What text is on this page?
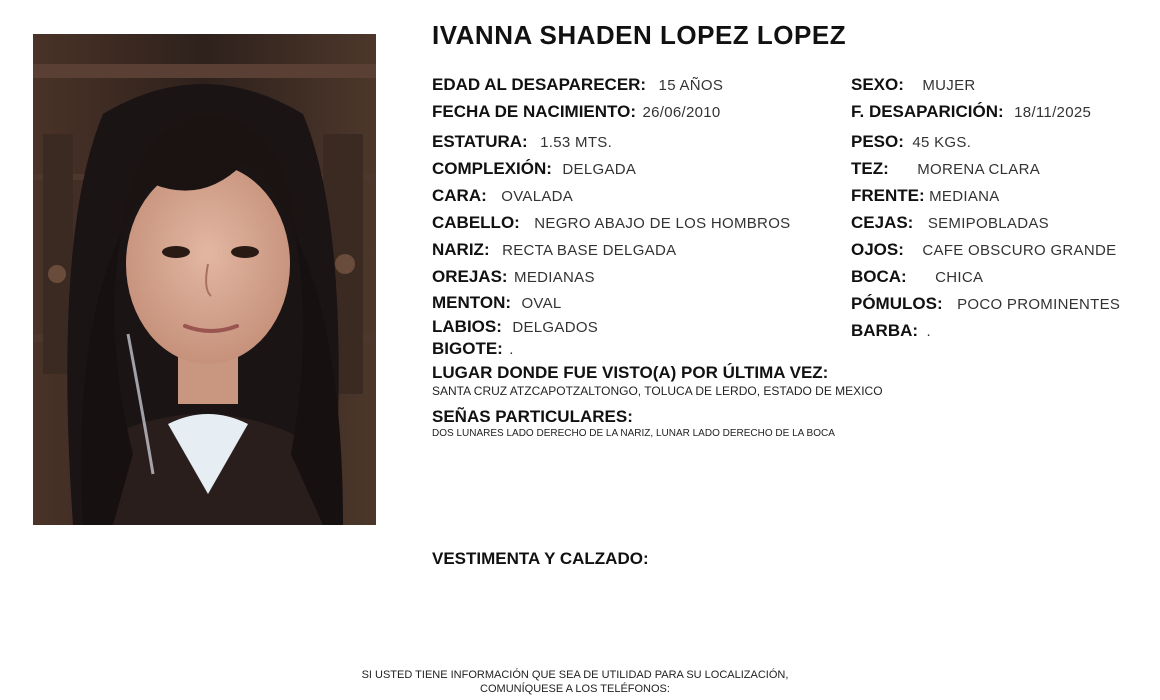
IVANNA SHADEN LOPEZ LOPEZ
EDAD AL DESAPARECER: 15 AÑOS
FECHA DE NACIMIENTO: 26/06/2010
ESTATURA: 1.53 MTS.
COMPLEXIÓN: DELGADA
CARA: OVALADA
CABELLO: NEGRO ABAJO DE LOS HOMBROS
NARIZ: RECTA BASE DELGADA
OREJAS: MEDIANAS
MENTON: OVAL
LABIOS: DELGADOS
BIGOTE: .
SEXO: MUJER
F. DESAPARICIÓN: 18/11/2025
PESO: 45 KGS.
TEZ: MORENA CLARA
FRENTE: MEDIANA
CEJAS: SEMIPOBLADAS
OJOS: CAFE OBSCURO GRANDE
BOCA: CHICA
PÓMULOS: POCO PROMINENTES
BARBA: .
LUGAR DONDE FUE VISTO(A) POR ÚLTIMA VEZ:
SANTA CRUZ ATZCAPOTZALTONGO, TOLUCA DE LERDO, ESTADO DE MEXICO
SEÑAS PARTICULARES:
DOS LUNARES LADO DERECHO DE LA NARIZ, LUNAR LADO DERECHO DE LA BOCA
VESTIMENTA Y CALZADO:
SI USTED TIENE INFORMACIÓN QUE SEA DE UTILIDAD PARA SU LOCALIZACIÓN,
COMUNÍQUESE A LOS TELÉFONOS:
